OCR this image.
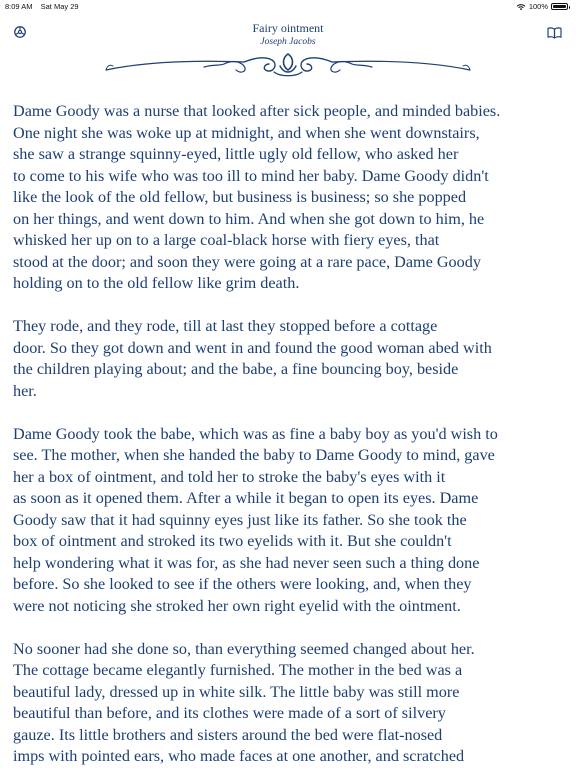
8:09 AM Sat May 29	100%
Fairy ointment
Joseph Jacobs

Dame Goody was a nurse that looked after sick people, and minded babies.
One night she was woke up at midnight, and when she went downstairs,
she saw a strange squinny-eyed, little ugly old fellow, who asked her
to come to his wife who was too ill to mind her baby. Dame Goody didn't
like the look of the old fellow, but business is business; so she popped
on her things, and went down to him. And when she got down to him, he
whisked her up on to a large coal-black horse with fiery eyes, that
stood at the door; and soon they were going at a rare pace, Dame Goody
holding on to the old fellow like grim death.

They rode, and they rode, till at last they stopped before a cottage
door. So they got down and went in and found the good woman abed with
the children playing about; and the babe, a fine bouncing boy, beside
her.

Dame Goody took the babe, which was as fine a baby boy as you'd wish to
see. The mother, when she handed the baby to Dame Goody to mind, gave
her a box of ointment, and told her to stroke the baby's eyes with it
as soon as it opened them. After a while it began to open its eyes. Dame
Goody saw that it had squinny eyes just like its father. So she took the
box of ointment and stroked its two eyelids with it. But she couldn't
help wondering what it was for, as she had never seen such a thing done
before. So she looked to see if the others were looking, and, when they
were not noticing she stroked her own right eyelid with the ointment.

No sooner had she done so, than everything seemed changed about her.
The cottage became elegantly furnished. The mother in the bed was a
beautiful lady, dressed up in white silk. The little baby was still more
beautiful than before, and its clothes were made of a sort of silvery
gauze. Its little brothers and sisters around the bed were flat-nosed
imps with pointed ears, who made faces at one another, and scratched
